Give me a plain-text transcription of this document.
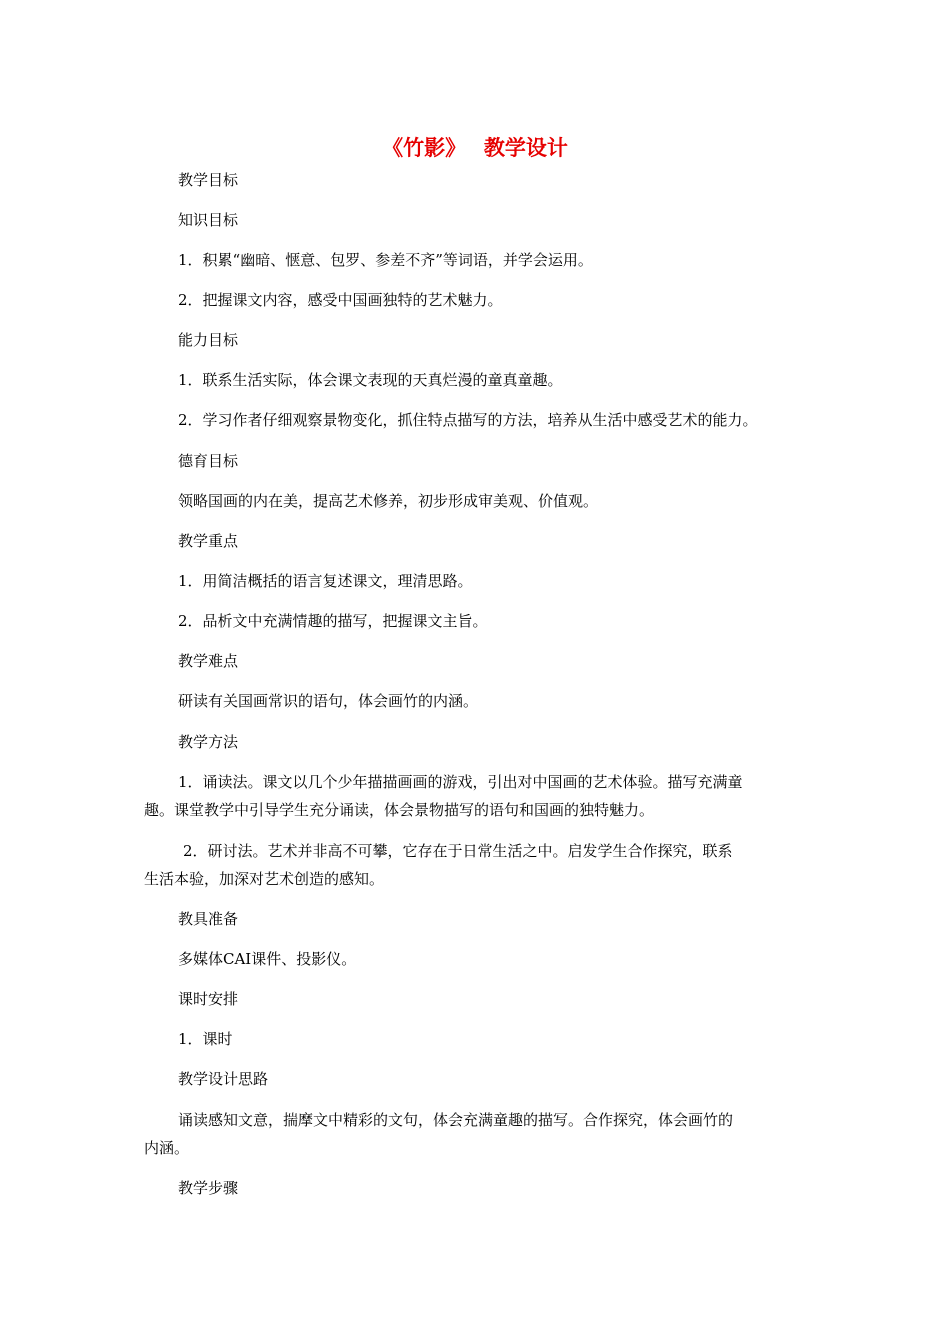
《竹影》　 教学设计
教学目标
知识目标
1．积累“幽暗、惬意、包罗、参差不齐”等词语，并学会运用。
2．把握课文内容，感受中国画独特的艺术魅力。
能力目标
1．联系生活实际，体会课文表现的天真烂漫的童真童趣。
2．学习作者仔细观察景物变化，抓住特点描写的方法，培养从生活中感受艺术的能力。
德育目标
领略国画的内在美，提高艺术修养，初步形成审美观、价值观。
教学重点
1．用简洁概括的语言复述课文，理清思路。
2．品析文中充满情趣的描写，把握课文主旨。
教学难点
研读有关国画常识的语句，体会画竹的内涵。
教学方法
1．诵读法。课文以几个少年描描画画的游戏，引出对中国画的艺术体验。描写充满童
趣。课堂教学中引导学生充分诵读，体会景物描写的语句和国画的独特魅力。
2．研讨法。艺术并非高不可攀，它存在于日常生活之中。启发学生合作探究，联系
生活本验，加深对艺术创造的感知。
教具准备
多媒体CAI课件、投影仪。
课时安排
1．课时
教学设计思路
诵读感知文意，揣摩文中精彩的文句，体会充满童趣的描写。合作探究，体会画竹的
内涵。
教学步骤
